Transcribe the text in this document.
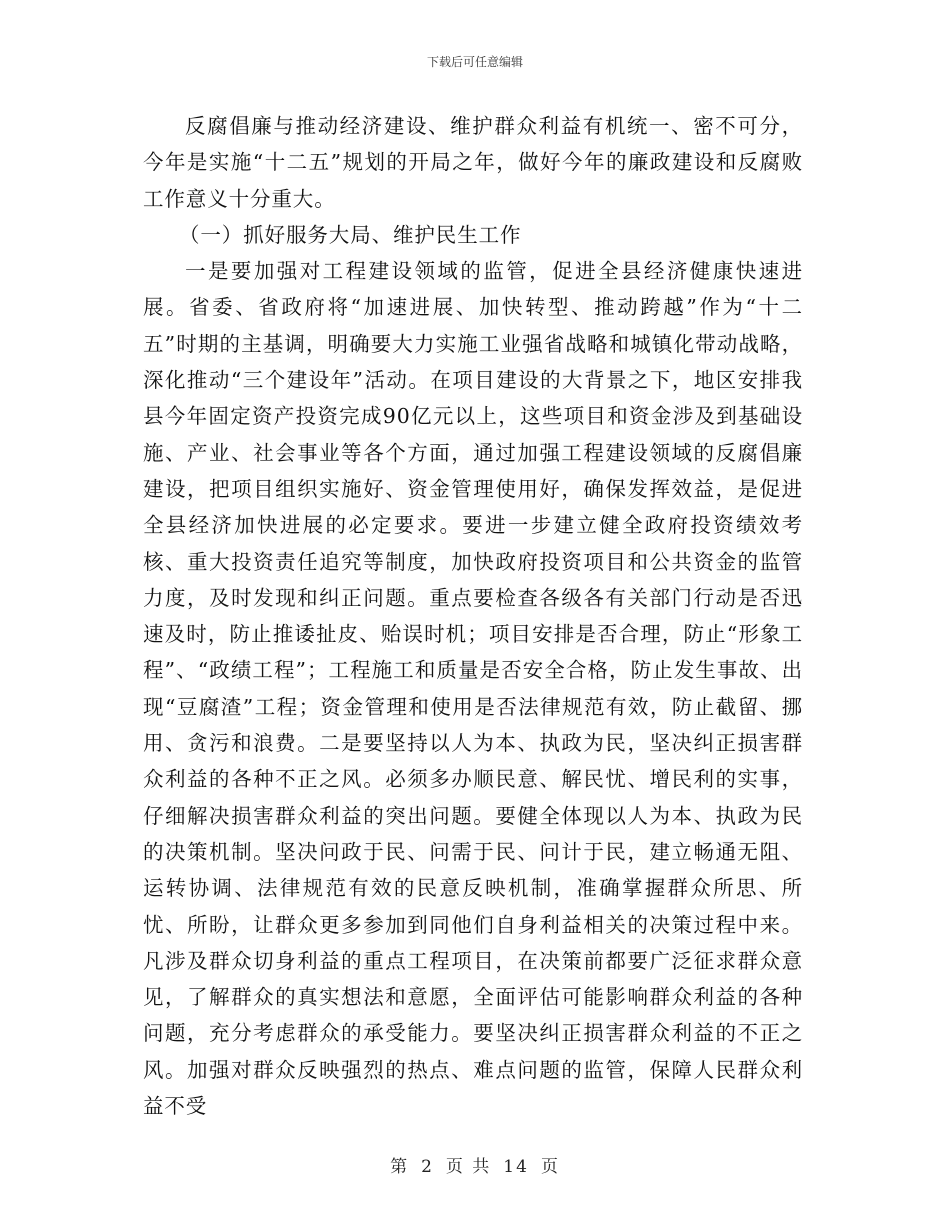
下载后可任意编辑

反腐倡廉与推动经济建设、维护群众利益有机统一、密不可分，今年是实施“十二五”规划的开局之年，做好今年的廉政建设和反腐败工作意义十分重大。

（一）抓好服务大局、维护民生工作

一是要加强对工程建设领域的监管，促进全县经济健康快速进展。省委、省政府将“加速进展、加快转型、推动跨越”作为“十二五”时期的主基调，明确要大力实施工业强省战略和城镇化带动战略，深化推动“三个建设年”活动。在项目建设的大背景之下，地区安排我县今年固定资产投资完成90亿元以上，这些项目和资金涉及到基础设施、产业、社会事业等各个方面，通过加强工程建设领域的反腐倡廉建设，把项目组织实施好、资金管理使用好，确保发挥效益，是促进全县经济加快进展的必定要求。要进一步建立健全政府投资绩效考核、重大投资责任追究等制度，加快政府投资项目和公共资金的监管力度，及时发现和纠正问题。重点要检查各级各有关部门行动是否迅速及时，防止推诿扯皮、贻误时机；项目安排是否合理，防止“形象工程”、“政绩工程”；工程施工和质量是否安全合格，防止发生事故、出现“豆腐渣”工程；资金管理和使用是否法律规范有效，防止截留、挪用、贪污和浪费。二是要坚持以人为本、执政为民，坚决纠正损害群众利益的各种不正之风。必须多办顺民意、解民忧、增民利的实事，仔细解决损害群众利益的突出问题。要健全体现以人为本、执政为民的决策机制。坚决问政于民、问需于民、问计于民，建立畅通无阻、运转协调、法律规范有效的民意反映机制，准确掌握群众所思、所忧、所盼，让群众更多参加到同他们自身利益相关的决策过程中来。凡涉及群众切身利益的重点工程项目，在决策前都要广泛征求群众意见，了解群众的真实想法和意愿，全面评估可能影响群众利益的各种问题，充分考虑群众的承受能力。要坚决纠正损害群众利益的不正之风。加强对群众反映强烈的热点、难点问题的监管，保障人民群众利益不受

第 2 页 共 14 页
